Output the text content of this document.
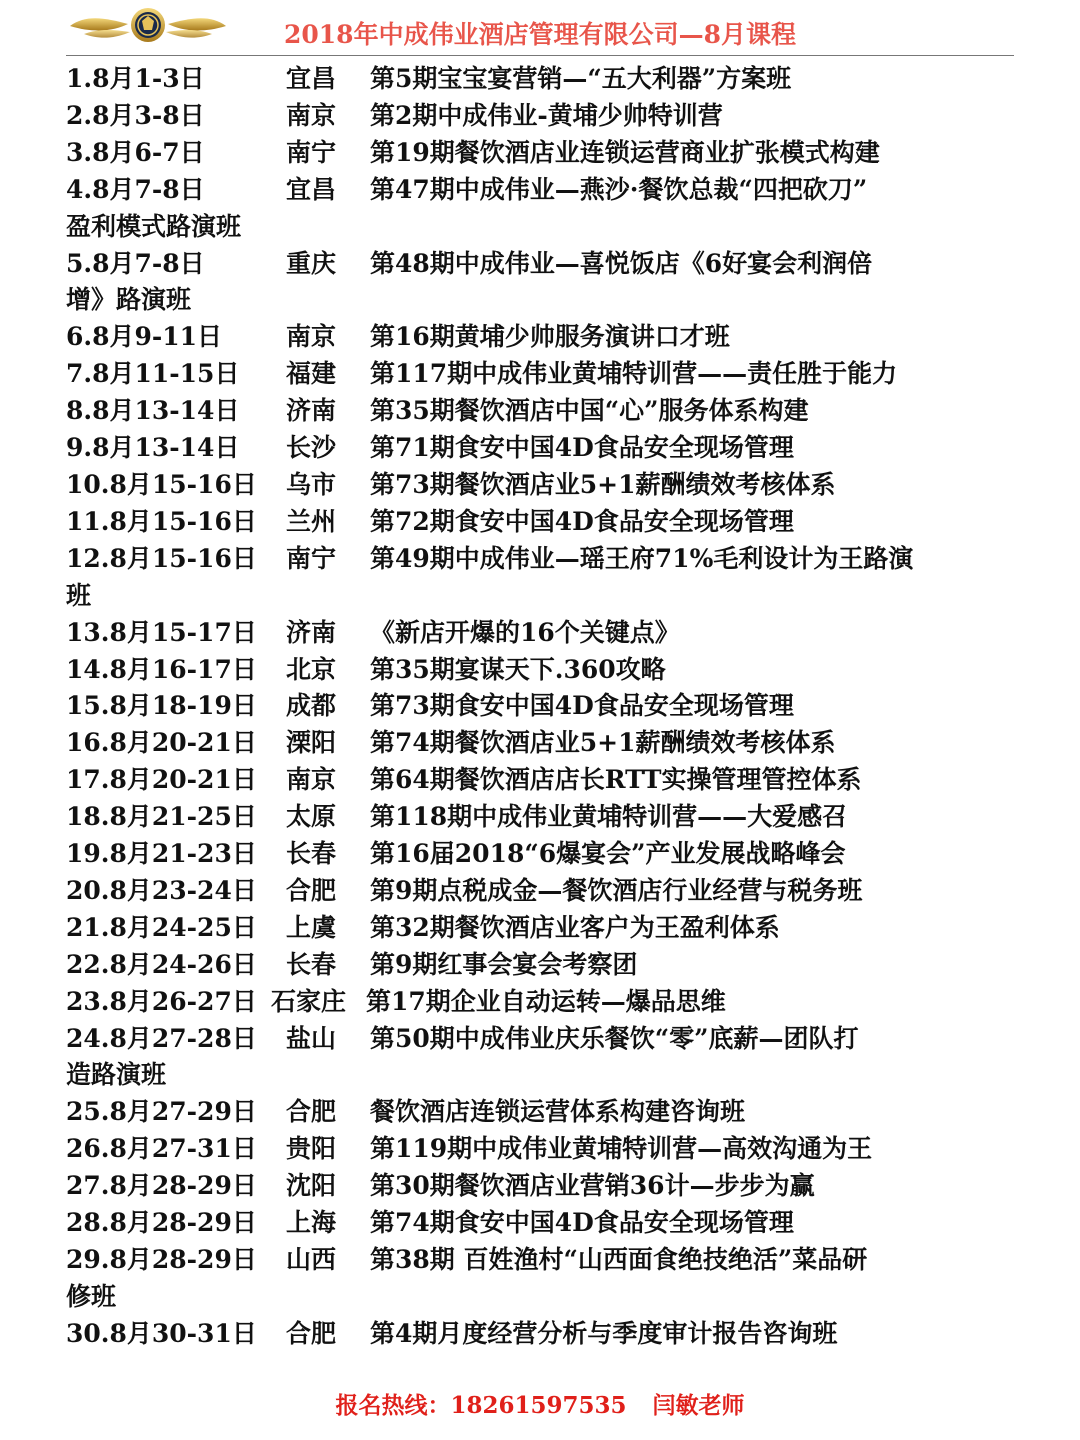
2018年中成伟业酒店管理有限公司—8月课程
1.8月1-3日	宜昌	第5期宝宝宴营销—“五大利器”方案班
2.8月3-8日	南京	第2期中成伟业-黄埔少帅特训营
3.8月6-7日	南宁	第19期餐饮酒店业连锁运营商业扩张模式构建
4.8月7-8日	宜昌	第47期中成伟业—燕沙·餐饮总裁“四把砍刀”
盈利模式路演班
5.8月7-8日	重庆	第48期中成伟业—喜悦饭店《6好宴会利润倍
增》路演班
6.8月9-11日	南京	第16期黄埔少帅服务演讲口才班
7.8月11-15日	福建	第117期中成伟业黄埔特训营——责任胜于能力
8.8月13-14日	济南	第35期餐饮酒店中国“心”服务体系构建
9.8月13-14日	长沙	第71期食安中国4D食品安全现场管理
10.8月15-16日	乌市	第73期餐饮酒店业5+1薪酬绩效考核体系
11.8月15-16日	兰州	第72期食安中国4D食品安全现场管理
12.8月15-16日	南宁	第49期中成伟业—瑶王府71%毛利设计为王路演
班
13.8月15-17日	济南	《新店开爆的16个关键点》
14.8月16-17日	北京	第35期宴谋天下.360攻略
15.8月18-19日	成都	第73期食安中国4D食品安全现场管理
16.8月20-21日	溧阳	第74期餐饮酒店业5+1薪酬绩效考核体系
17.8月20-21日	南京	第64期餐饮酒店店长RTT实操管理管控体系
18.8月21-25日	太原	第118期中成伟业黄埔特训营——大爱感召
19.8月21-23日	长春	第16届2018“6爆宴会”产业发展战略峰会
20.8月23-24日	合肥	第9期点税成金—餐饮酒店行业经营与税务班
21.8月24-25日	上虞	第32期餐饮酒店业客户为王盈利体系
22.8月24-26日	长春	第9期红事会宴会考察团
23.8月26-27日 石家庄 第17期企业自动运转—爆品思维
24.8月27-28日	盐山	第50期中成伟业庆乐餐饮“零”底薪—团队打
造路演班
25.8月27-29日	合肥	餐饮酒店连锁运营体系构建咨询班
26.8月27-31日	贵阳	第119期中成伟业黄埔特训营—高效沟通为王
27.8月28-29日	沈阳	第30期餐饮酒店业营销36计—步步为赢
28.8月28-29日	上海	第74期食安中国4D食品安全现场管理
29.8月28-29日	山西	第38期 百姓渔村“山西面食绝技绝活”菜品研
修班
30.8月30-31日	合肥	第4期月度经营分析与季度审计报告咨询班
报名热线：18261597535 闫敏老师
